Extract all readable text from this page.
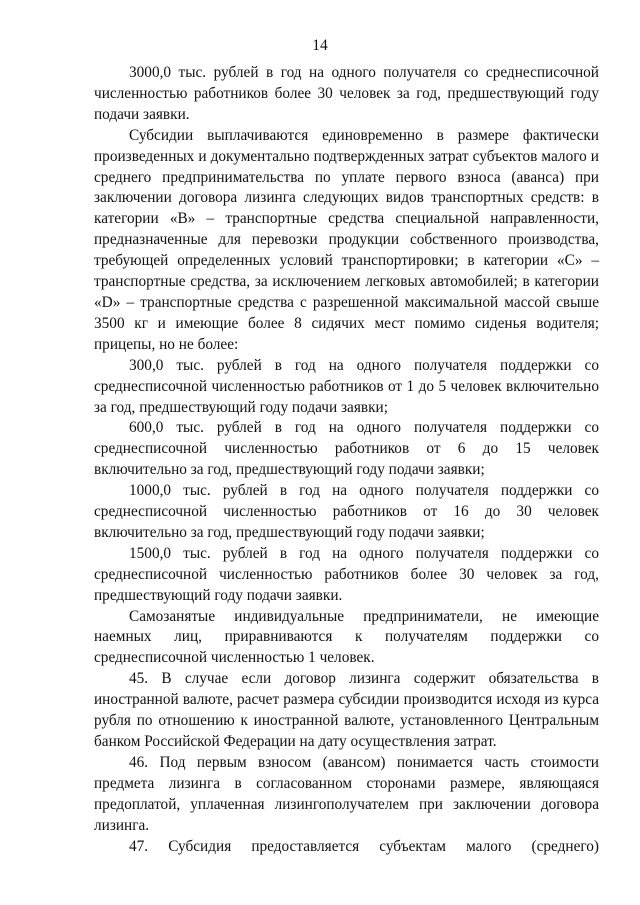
14

3000,0 тыс. рублей в год на одного получателя со среднесписочной численностью работников более 30 человек за год, предшествующий году подачи заявки.

Субсидии выплачиваются единовременно в размере фактически произведенных и документально подтвержденных затрат субъектов малого и среднего предпринимательства по уплате первого взноса (аванса) при заключении договора лизинга следующих видов транспортных средств: в категории «B» – транспортные средства специальной направленности, предназначенные для перевозки продукции собственного производства, требующей определенных условий транспортировки; в категории «C» – транспортные средства, за исключением легковых автомобилей; в категории «D» – транспортные средства с разрешенной максимальной массой свыше 3500 кг и имеющие более 8 сидячих мест помимо сиденья водителя; прицепы, но не более:

300,0 тыс. рублей в год на одного получателя поддержки со среднесписочной численностью работников от 1 до 5 человек включительно за год, предшествующий году подачи заявки;

600,0 тыс. рублей в год на одного получателя поддержки со среднесписочной численностью работников от 6 до 15 человек включительно за год, предшествующий году подачи заявки;

1000,0 тыс. рублей в год на одного получателя поддержки со среднесписочной численностью работников от 16 до 30 человек включительно за год, предшествующий году подачи заявки;

1500,0 тыс. рублей в год на одного получателя поддержки со среднесписочной численностью работников более 30 человек за год, предшествующий году подачи заявки.

Самозанятые индивидуальные предприниматели, не имеющие наемных лиц, приравниваются к получателям поддержки со среднесписочной численностью 1 человек.

45. В случае если договор лизинга содержит обязательства в иностранной валюте, расчет размера субсидии производится исходя из курса рубля по отношению к иностранной валюте, установленного Центральным банком Российской Федерации на дату осуществления затрат.

46. Под первым взносом (авансом) понимается часть стоимости предмета лизинга в согласованном сторонами размере, являющаяся предоплатой, уплаченная лизингополучателем при заключении договора лизинга.

47. Субсидия предоставляется субъектам малого (среднего)
